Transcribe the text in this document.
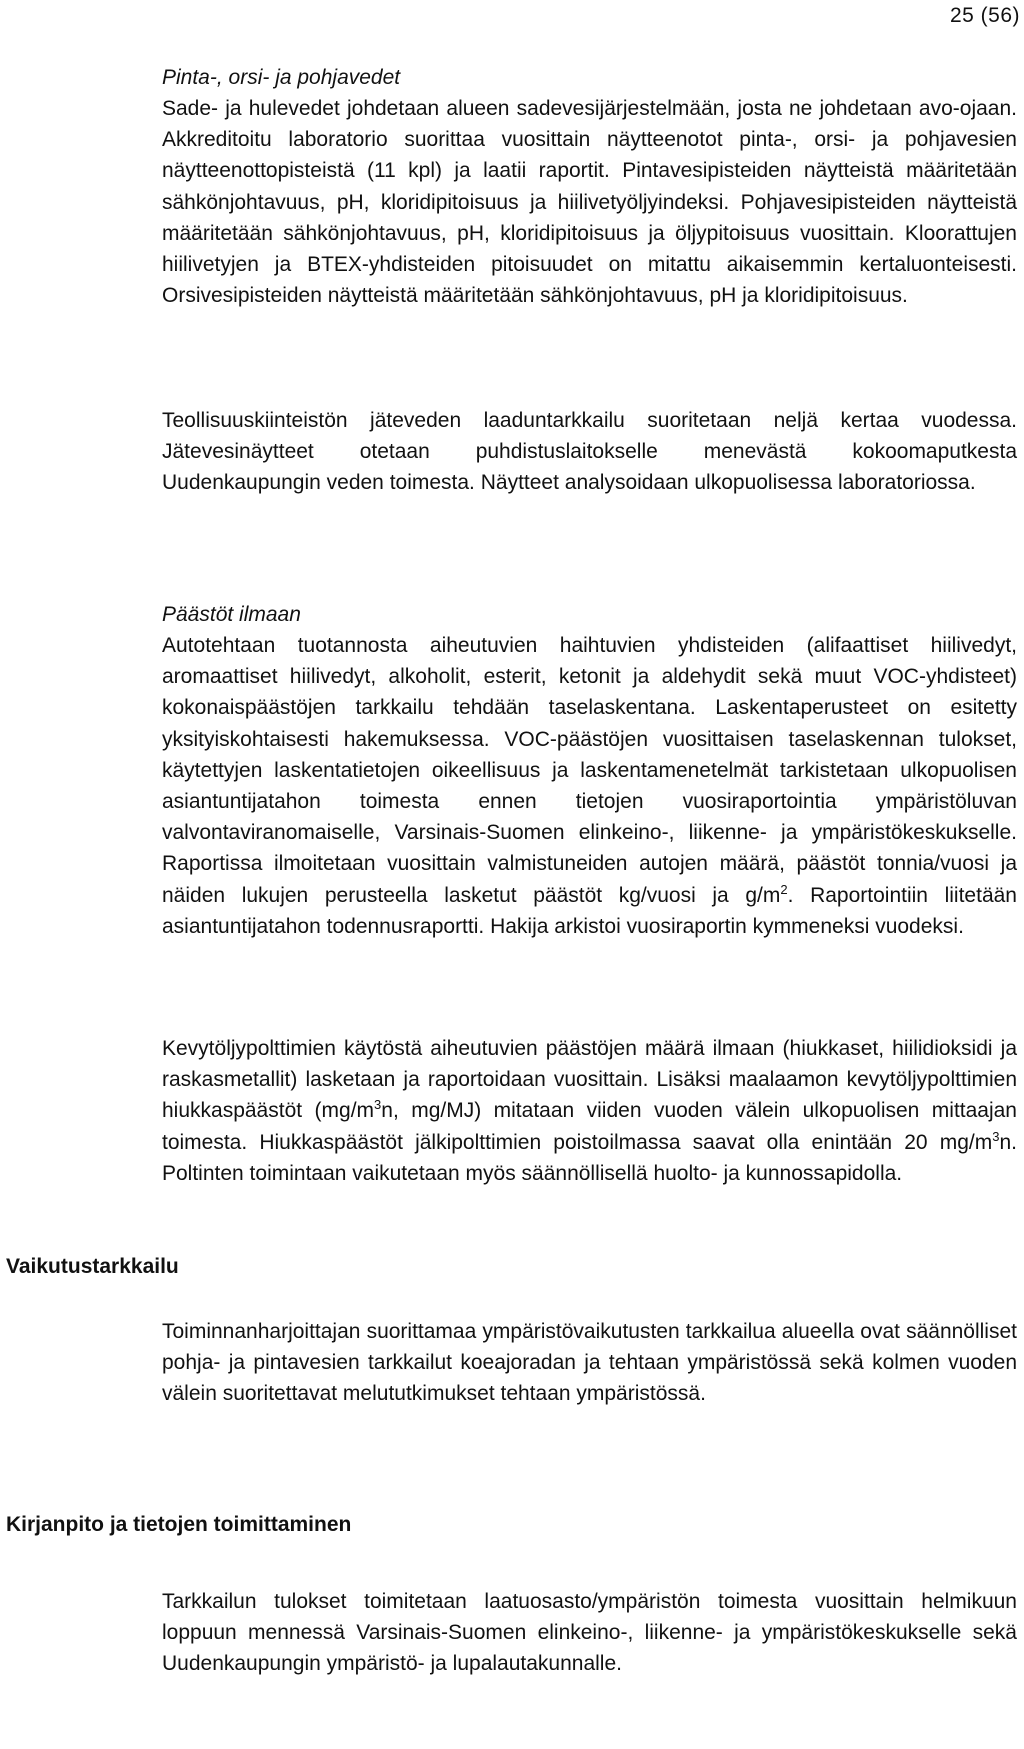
25 (56)

Pinta-, orsi- ja pohjavedet

Sade- ja hulevedet johdetaan alueen sadevesijärjestelmään, josta ne johdetaan avo-ojaan. Akkreditoitu laboratorio suorittaa vuosittain näytteenotot pinta-, orsi- ja pohjavesien näytteenottopisteistä (11 kpl) ja laatii raportit. Pintavesipisteiden näytteistä määritetään sähkönjohtavuus, pH, kloridipitoisuus ja hiilivetyöljyindeksi. Pohjavesipisteiden näytteistä määritetään sähkönjohtavuus, pH, kloridipitoisuus ja öljypitoisuus vuosittain. Kloorattujen hiilivetyjen ja BTEX-yhdisteiden pitoisuudet on mitattu aikaisemmin kertaluonteisesti. Orsivesipisteiden näytteistä määritetään sähkönjohtavuus, pH ja kloridipitoisuus.

Teollisuuskiinteistön jäteveden laaduntarkkailu suoritetaan neljä kertaa vuodessa. Jätevesinäytteet otetaan puhdistuslaitokselle menevästä kokoomaputkesta Uudenkaupungin veden toimesta. Näytteet analysoidaan ulkopuolisessa laboratoriossa.

Päästöt ilmaan

Autotehtaan tuotannosta aiheutuvien haihtuvien yhdisteiden (alifaattiset hiilivedyt, aromaattiset hiilivedyt, alkoholit, esterit, ketonit ja aldehydit sekä muut VOC-yhdisteet) kokonaispäästöjen tarkkailu tehdään taselaskentana. Laskentaperusteet on esitetty yksityiskohtaisesti hakemuksessa. VOC-päästöjen vuosittaisen taselaskennan tulokset, käytettyjen laskentatietojen oikeellisuus ja laskentamenetelmät tarkistetaan ulkopuolisen asiantuntijatahon toimesta ennen tietojen vuosiraportointia ympäristöluvan valvontaviranomaiselle, Varsinais-Suomen elinkeino-, liikenne- ja ympäristökeskukselle. Raportissa ilmoitetaan vuosittain valmistuneiden autojen määrä, päästöt tonnia/vuosi ja näiden lukujen perusteella lasketut päästöt kg/vuosi ja $g/m^2$. Raportointiin liitetään asiantuntijatahon todennusraportti. Hakija arkistoi vuosiraportin kymmeneksi vuodeksi.

Kevytöljypolttimien käytöstä aiheutuvien päästöjen määrä ilmaan (hiukkaset, hiilidioksidi ja raskasmetallit) lasketaan ja raportoidaan vuosittain. Lisäksi maalaamon kevytöljypolttimien hiukkaspäästöt ($mg/m^3n$, mg/MJ) mitataan viiden vuoden välein ulkopuolisen mittaajan toimesta. Hiukkaspäästöt jälkipolttimien poistoilmassa saavat olla enintään 20 $mg/m^3n$. Poltinten toimintaan vaikutetaan myös säännöllisellä huolto- ja kunnossapidolla.

Vaikutustarkkailu

Toiminnanharjoittajan suorittamaa ympäristövaikutusten tarkkailua alueella ovat säännölliset pohja- ja pintavesien tarkkailut koeajoradan ja tehtaan ympäristössä sekä kolmen vuoden välein suoritettavat melututkimukset tehtaan ympäristössä.

Kirjanpito ja tietojen toimittaminen

Tarkkailun tulokset toimitetaan laatuosasto/ympäristön toimesta vuosittain helmikuun loppuun mennessä Varsinais-Suomen elinkeino-, liikenne- ja ympäristökeskukselle sekä Uudenkaupungin ympäristö- ja lupalautakunnalle.
